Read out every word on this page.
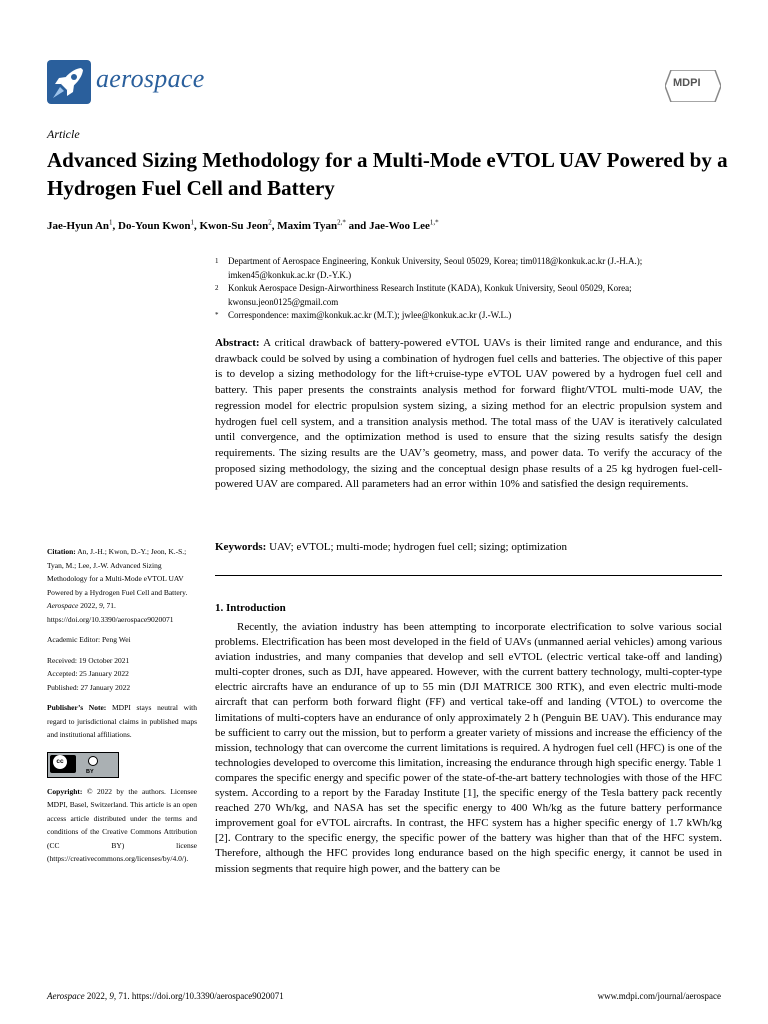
aerospace	MDPI
Article
Advanced Sizing Methodology for a Multi-Mode eVTOL UAV Powered by a Hydrogen Fuel Cell and Battery
Jae-Hyun An$^1$, Do-Youn Kwon$^1$, Kwon-Su Jeon$^2$, Maxim Tyan$^{2,*}$ and Jae-Woo Lee$^{1,*}$
1 Department of Aerospace Engineering, Konkuk University, Seoul 05029, Korea; tim0118@konkuk.ac.kr (J.-H.A.); imken45@konkuk.ac.kr (D.-Y.K.)
2 Konkuk Aerospace Design-Airworthiness Research Institute (KADA), Konkuk University, Seoul 05029, Korea; kwonsu.jeon0125@gmail.com
* Correspondence: maxim@konkuk.ac.kr (M.T.); jwlee@konkuk.ac.kr (J.-W.L.)
Abstract: A critical drawback of battery-powered eVTOL UAVs is their limited range and endurance, and this drawback could be solved by using a combination of hydrogen fuel cells and batteries. The objective of this paper is to develop a sizing methodology for the lift+cruise-type eVTOL UAV powered by a hydrogen fuel cell and battery. This paper presents the constraints analysis method for forward flight/VTOL multi-mode UAV, the regression model for electric propulsion system sizing, a sizing method for an electric propulsion system and hydrogen fuel cell system, and a transition analysis method. The total mass of the UAV is iteratively calculated until convergence, and the optimization method is used to ensure that the sizing results satisfy the design requirements. The sizing results are the UAV’s geometry, mass, and power data. To verify the accuracy of the proposed sizing methodology, the sizing and the conceptual design phase results of a 25 kg hydrogen fuel-cell-powered UAV are compared. All parameters had an error within 10% and satisfied the design requirements.
Keywords: UAV; eVTOL; multi-mode; hydrogen fuel cell; sizing; optimization
1. Introduction
Recently, the aviation industry has been attempting to incorporate electrification to solve various social problems. Electrification has been most developed in the field of UAVs (unmanned aerial vehicles) among various aviation industries, and many companies that develop and sell eVTOL (electric vertical take-off and landing) multi-copter drones, such as DJI, have appeared. However, with the current battery technology, multi-copter-type electric aircrafts have an endurance of up to 55 min (DJI MATRICE 300 RTK), and even electric multi-mode aircraft that can perform both forward flight (FF) and vertical take-off and landing (VTOL) to overcome the limitations of multi-copters have an endurance of only approximately 2 h (Penguin BE UAV). This endurance may be sufficient to carry out the mission, but to perform a greater variety of missions and increase the efficiency of the mission, technology that can overcome the current limitations is required. A hydrogen fuel cell (HFC) is one of the technologies developed to overcome this limitation, increasing the endurance through high specific energy. Table 1 compares the specific energy and specific power of the state-of-the-art battery technologies with those of the HFC system. According to a report by the Faraday Institute [1], the specific energy of the Tesla battery pack recently reached 270 Wh/kg, and NASA has set the specific energy to 400 Wh/kg as the future battery performance improvement goal for eVTOL aircrafts. In contrast, the HFC system has a higher specific energy of 1.7 kWh/kg [2]. Contrary to the specific energy, the specific power of the battery was higher than that of the HFC system. Therefore, although the HFC provides long endurance based on the high specific energy, it cannot be used in mission segments that require high power, and the battery can be

Citation: An, J.-H.; Kwon, D.-Y.; Jeon, K.-S.; Tyan, M.; Lee, J.-W. Advanced Sizing Methodology for a Multi-Mode eVTOL UAV Powered by a Hydrogen Fuel Cell and Battery. Aerospace 2022, 9, 71. https://doi.org/10.3390/aerospace9020071

Academic Editor: Peng Wei

Received: 19 October 2021

Accepted: 25 January 2022

Published: 27 January 2022

Publisher’s Note: MDPI stays neutral with regard to jurisdictional claims in published maps and institutional affiliations.

cc
BY

Copyright: © 2022 by the authors. Licensee MDPI, Basel, Switzerland. This article is an open access article distributed under the terms and conditions of the Creative Commons Attribution (CC BY) license (https://creativecommons.org/licenses/by/4.0/).

Aerospace 2022, 9, 71. https://doi.org/10.3390/aerospace9020071	www.mdpi.com/journal/aerospace
